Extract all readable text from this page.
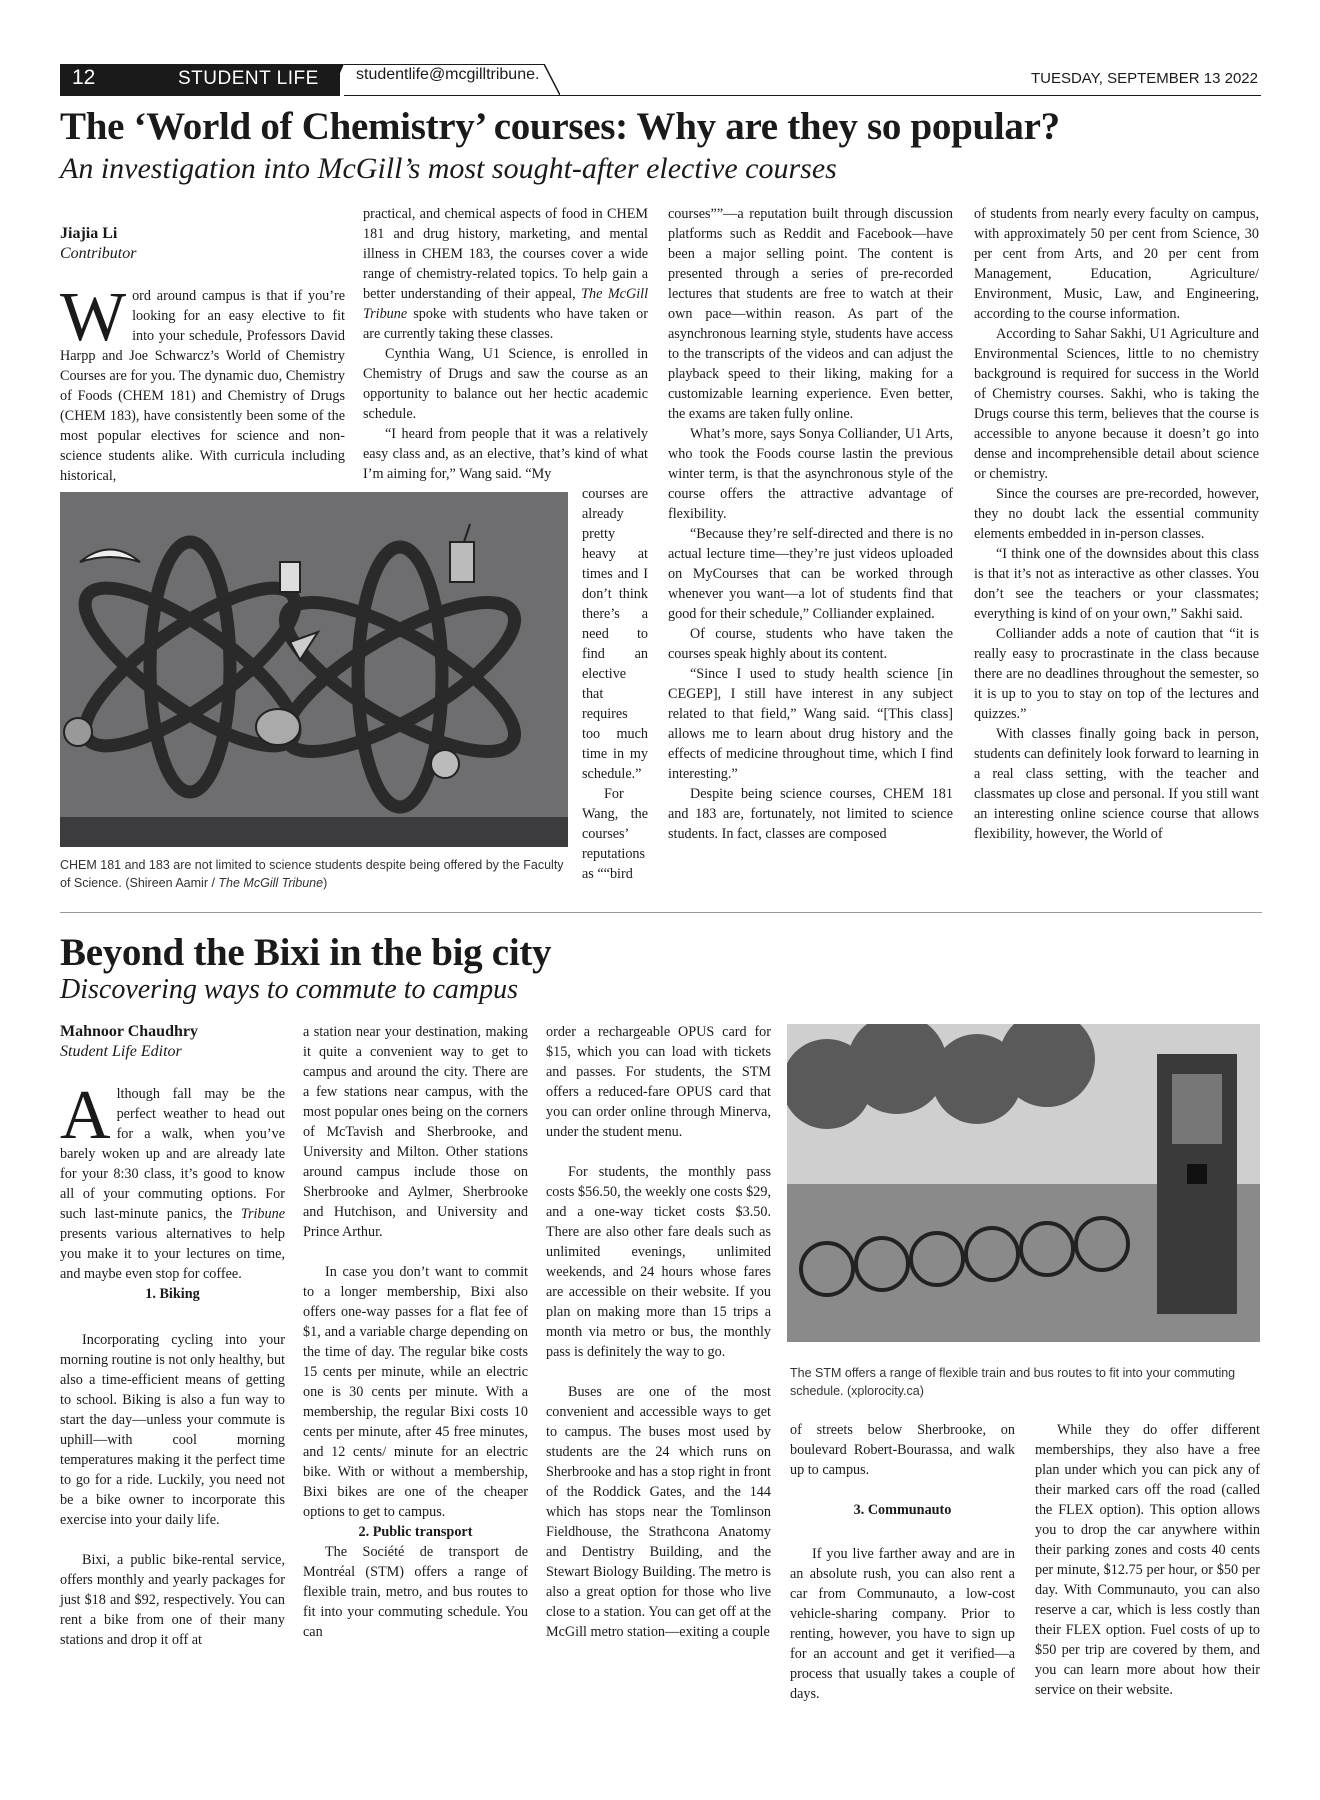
12	STUDENT LIFE studentlife@mcgilltribune.	TUESDAY, SEPTEMBER 13 2022
The ‘World of Chemistry’ courses: Why are they so popular?
An investigation into McGill’s most sought-after elective courses
Jiajia Li
Contributor

Word around campus is that if you’re looking for an easy elective to fit into your schedule, Professors David Harpp and Joe Schwarcz’s World of Chemistry Courses are for you. The dynamic duo, Chemistry of Foods (CHEM 181) and Chemistry of Drugs (CHEM 183), have consistently been some of the most popular electives for science and non-science students alike. With curricula including historical,

CHEM 181 and 183 are not limited to science students despite being offered by the Faculty of Science. (Shireen Aamir / The McGill Tribune)

practical, and chemical aspects of food in CHEM 181 and drug history, marketing, and mental illness in CHEM 183, the courses cover a wide range of chemistry-related topics. To help gain a better understanding of their appeal, The McGill Tribune spoke with students who have taken or are currently taking these classes.

Cynthia Wang, U1 Science, is enrolled in Chemistry of Drugs and saw the course as an opportunity to balance out her hectic academic schedule.

“I heard from people that it was a relatively easy class and, as an elective, that’s kind of what I’m aiming for,” Wang said. “My

courses are already pretty heavy at times and I don’t think there’s a need to find an elective that requires too much time in my schedule.”

For Wang, the courses’ reputations as ““bird

courses””—a reputation built through discussion platforms such as Reddit and Facebook—have been a major selling point. The content is presented through a series of pre-recorded lectures that students are free to watch at their own pace—within reason. As part of the asynchronous learning style, students have access to the transcripts of the videos and can adjust the playback speed to their liking, making for a customizable learning experience. Even better, the exams are taken fully online.

What’s more, says Sonya Colliander, U1 Arts, who took the Foods course lastin the previous winter term, is that the asynchronous style of the course offers the attractive advantage of flexibility.

“Because they’re self-directed and there is no actual lecture time—they’re just videos uploaded on MyCourses that can be worked through whenever you want—a lot of students find that good for their schedule,” Colliander explained.

Of course, students who have taken the courses speak highly about its content.

“Since I used to study health science [in CEGEP], I still have interest in any subject related to that field,” Wang said. “[This class] allows me to learn about drug history and the effects of medicine throughout time, which I find interesting.”

Despite being science courses, CHEM 181 and 183 are, fortunately, not limited to science students. In fact, classes are composed

of students from nearly every faculty on campus, with approximately 50 per cent from Science, 30 per cent from Arts, and 20 per cent from Management, Education, Agriculture/ Environment, Music, Law, and Engineering, according to the course information.

According to Sahar Sakhi, U1 Agriculture and Environmental Sciences, little to no chemistry background is required for success in the World of Chemistry courses. Sakhi, who is taking the Drugs course this term, believes that the course is accessible to anyone because it doesn’t go into dense and incomprehensible detail about science or chemistry.

Since the courses are pre-recorded, however, they no doubt lack the essential community elements embedded in in-person classes.

“I think one of the downsides about this class is that it’s not as interactive as other classes. You don’t see the teachers or your classmates; everything is kind of on your own,” Sakhi said.

Colliander adds a note of caution that “it is really easy to procrastinate in the class because there are no deadlines throughout the semester, so it is up to you to stay on top of the lectures and quizzes.”

With classes finally going back in person, students can definitely look forward to learning in a real class setting, with the teacher and classmates up close and personal. If you still want an interesting online science course that allows flexibility, however, the World of

Beyond the Bixi in the big city
Discovering ways to commute to campus
Mahnoor Chaudhry
Student Life Editor

Although fall may be the perfect weather to head out for a walk, when you’ve barely woken up and are already late for your 8:30 class, it’s good to know all of your commuting options. For such last-minute panics, the Tribune presents various alternatives to help you make it to your lectures on time, and maybe even stop for coffee.

1. Biking

Incorporating cycling into your morning routine is not only healthy, but also a time-efficient means of getting to school. Biking is also a fun way to start the day—unless your commute is uphill—with cool morning temperatures making it the perfect time to go for a ride. Luckily, you need not be a bike owner to incorporate this exercise into your daily life.

Bixi, a public bike-rental service, offers monthly and yearly packages for just $18 and $92, respectively. You can rent a bike from one of their many stations and drop it off at

a station near your destination, making it quite a convenient way to get to campus and around the city. There are a few stations near campus, with the most popular ones being on the corners of McTavish and Sherbrooke, and University and Milton. Other stations around campus include those on Sherbrooke and Aylmer, Sherbrooke and Hutchison, and University and Prince Arthur.

In case you don’t want to commit to a longer membership, Bixi also offers one-way passes for a flat fee of $1, and a variable charge depending on the time of day. The regular bike costs 15 cents per minute, while an electric one is 30 cents per minute. With a membership, the regular Bixi costs 10 cents per minute, after 45 free minutes, and 12 cents/ minute for an electric bike. With or without a membership, Bixi bikes are one of the cheaper options to get to campus.

2. Public transport

The Société de transport de Montréal (STM) offers a range of flexible train, metro, and bus routes to fit into your commuting schedule. You can

order a rechargeable OPUS card for $15, which you can load with tickets and passes. For students, the STM offers a reduced-fare OPUS card that you can order online through Minerva, under the student menu.

For students, the monthly pass costs $56.50, the weekly one costs $29, and a one-way ticket costs $3.50. There are also other fare deals such as unlimited evenings, unlimited weekends, and 24 hours whose fares are accessible on their website. If you plan on making more than 15 trips a month via metro or bus, the monthly pass is definitely the way to go.

Buses are one of the most convenient and accessible ways to get to campus. The buses most used by students are the 24 which runs on Sherbrooke and has a stop right in front of the Roddick Gates, and the 144 which has stops near the Tomlinson Fieldhouse, the Strathcona Anatomy and Dentistry Building, and the Stewart Biology Building. The metro is also a great option for those who live close to a station. You can get off at the McGill metro station—exiting a couple

The STM offers a range of flexible train and bus routes to fit into your commuting schedule. (xplorocity.ca)

of streets below Sherbrooke, on boulevard Robert-Bourassa, and walk up to campus.

3. Communauto

If you live farther away and are in an absolute rush, you can also rent a car from Communauto, a low-cost vehicle-sharing company. Prior to renting, however, you have to sign up for an account and get it verified—a process that usually takes a couple of days.

While they do offer different memberships, they also have a free plan under which you can pick any of their marked cars off the road (called the FLEX option). This option allows you to drop the car anywhere within their parking zones and costs 40 cents per minute, $12.75 per hour, or $50 per day. With Communauto, you can also reserve a car, which is less costly than their FLEX option. Fuel costs of up to $50 per trip are covered by them, and you can learn more about how their service on their website.
